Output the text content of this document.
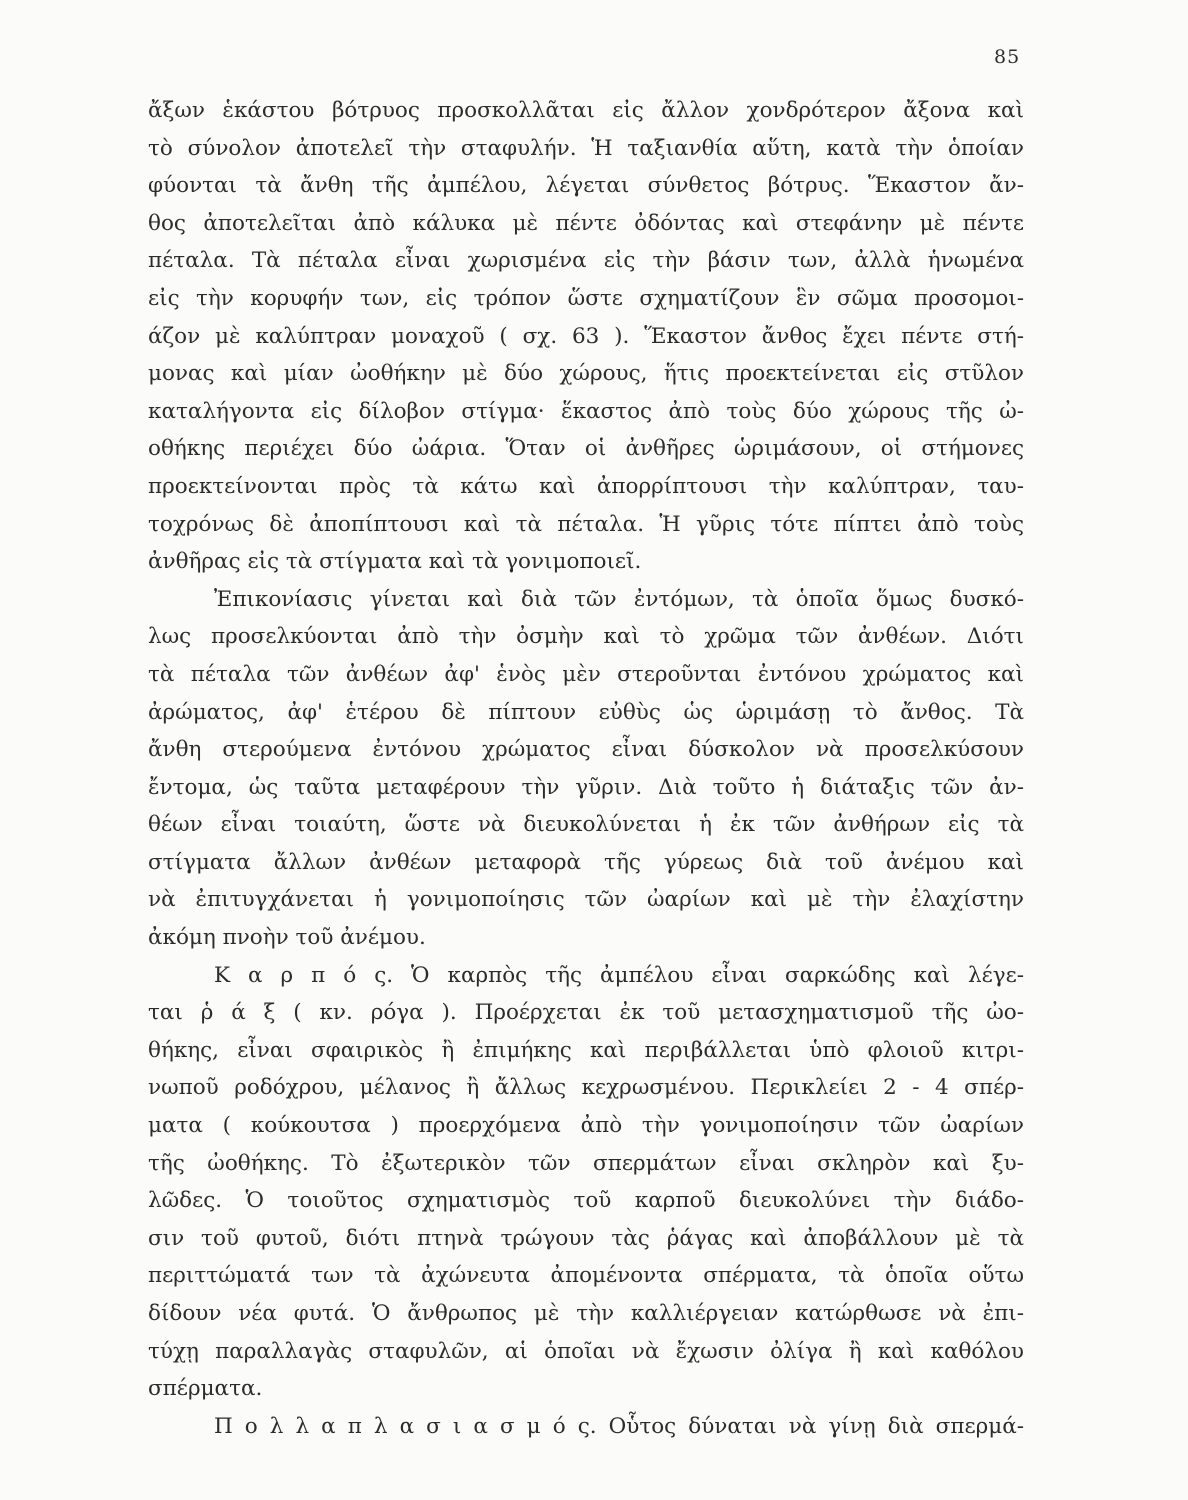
85
ἄξων ἑκάστου βότρυος προσκολλᾶται εἰς ἄλλον χονδρότερον ἄξονα καὶ
τὸ σύνολον ἀποτελεῖ τὴν σταφυλήν. Ἡ ταξιανθία αὕτη, κατὰ τὴν ὁποίαν
φύονται τὰ ἄνθη τῆς ἀμπέλου, λέγεται σύνθετος βότρυς. Ἕκαστον ἄν-
θος ἀποτελεῖται ἀπὸ κάλυκα μὲ πέντε ὀδόντας καὶ στεφάνην μὲ πέντε
πέταλα. Τὰ πέταλα εἶναι χωρισμένα εἰς τὴν βάσιν των, ἀλλὰ ἡνωμένα
εἰς τὴν κορυφήν των, εἰς τρόπον ὥστε σχηματίζουν ἓν σῶμα προσομοι-
άζον μὲ καλύπτραν μοναχοῦ ( σχ. 63 ). Ἕκαστον ἄνθος ἔχει πέντε στή-
μονας καὶ μίαν ὠοθήκην μὲ δύο χώρους, ἥτις προεκτείνεται εἰς στῦλον
καταλήγοντα εἰς δίλοβον στίγμα· ἕκαστος ἀπὸ τοὺς δύο χώρους τῆς ὠ-
οθήκης περιέχει δύο ὠάρια. Ὅταν οἱ ἀνθῆρες ὡριμάσουν, οἱ στήμονες
προεκτείνονται πρὸς τὰ κάτω καὶ ἀπορρίπτουσι τὴν καλύπτραν, ταυ-
τοχρόνως δὲ ἀποπίπτουσι καὶ τὰ πέταλα. Ἡ γῦρις τότε πίπτει ἀπὸ τοὺς
ἀνθῆρας εἰς τὰ στίγματα καὶ τὰ γονιμοποιεῖ.
Ἐπικονίασις γίνεται καὶ διὰ τῶν ἐντόμων, τὰ ὁποῖα ὅμως δυσκό-
λως προσελκύονται ἀπὸ τὴν ὀσμὴν καὶ τὸ χρῶμα τῶν ἀνθέων. Διότι
τὰ πέταλα τῶν ἀνθέων ἀφ' ἑνὸς μὲν στεροῦνται ἐντόνου χρώματος καὶ
ἀρώματος, ἀφ' ἑτέρου δὲ πίπτουν εὐθὺς ὡς ὡριμάσῃ τὸ ἄνθος. Τὰ
ἄνθη στερούμενα ἐντόνου χρώματος εἶναι δύσκολον νὰ προσελκύσουν
ἔντομα, ὡς ταῦτα μεταφέρουν τὴν γῦριν. Διὰ τοῦτο ἡ διάταξις τῶν ἀν-
θέων εἶναι τοιαύτη, ὥστε νὰ διευκολύνεται ἡ ἐκ τῶν ἀνθήρων εἰς τὰ
στίγματα ἄλλων ἀνθέων μεταφορὰ τῆς γύρεως διὰ τοῦ ἀνέμου καὶ
νὰ ἐπιτυγχάνεται ἡ γονιμοποίησις τῶν ὠαρίων καὶ μὲ τὴν ἐλαχίστην
ἀκόμη πνοὴν τοῦ ἀνέμου.
Κ α ρ π ό ς. Ὁ καρπὸς τῆς ἀμπέλου εἶναι σαρκώδης καὶ λέγε-
ται ῥ ά ξ ( κν. ρόγα ). Προέρχεται ἐκ τοῦ μετασχηματισμοῦ τῆς ὠο-
θήκης, εἶναι σφαιρικὸς ἢ ἐπιμήκης καὶ περιβάλλεται ὑπὸ φλοιοῦ κιτρι-
νωποῦ ροδόχρου, μέλανος ἢ ἄλλως κεχρωσμένου. Περικλείει 2 - 4 σπέρ-
ματα ( κούκουτσα ) προερχόμενα ἀπὸ τὴν γονιμοποίησιν τῶν ὠαρίων
τῆς ὠοθήκης. Τὸ ἐξωτερικὸν τῶν σπερμάτων εἶναι σκληρὸν καὶ ξυ-
λῶδες. Ὁ τοιοῦτος σχηματισμὸς τοῦ καρποῦ διευκολύνει τὴν διάδο-
σιν τοῦ φυτοῦ, διότι πτηνὰ τρώγουν τὰς ῥάγας καὶ ἀποβάλλουν μὲ τὰ
περιττώματά των τὰ ἀχώνευτα ἀπομένοντα σπέρματα, τὰ ὁποῖα οὕτω
δίδουν νέα φυτά. Ὁ ἄνθρωπος μὲ τὴν καλλιέργειαν κατώρθωσε νὰ ἐπι-
τύχῃ παραλλαγὰς σταφυλῶν, αἱ ὁποῖαι νὰ ἔχωσιν ὀλίγα ἢ καὶ καθόλου
σπέρματα.
Π ο λ λ α π λ α σ ι α σ μ ό ς. Οὗτος δύναται νὰ γίνῃ διὰ σπερμά-
